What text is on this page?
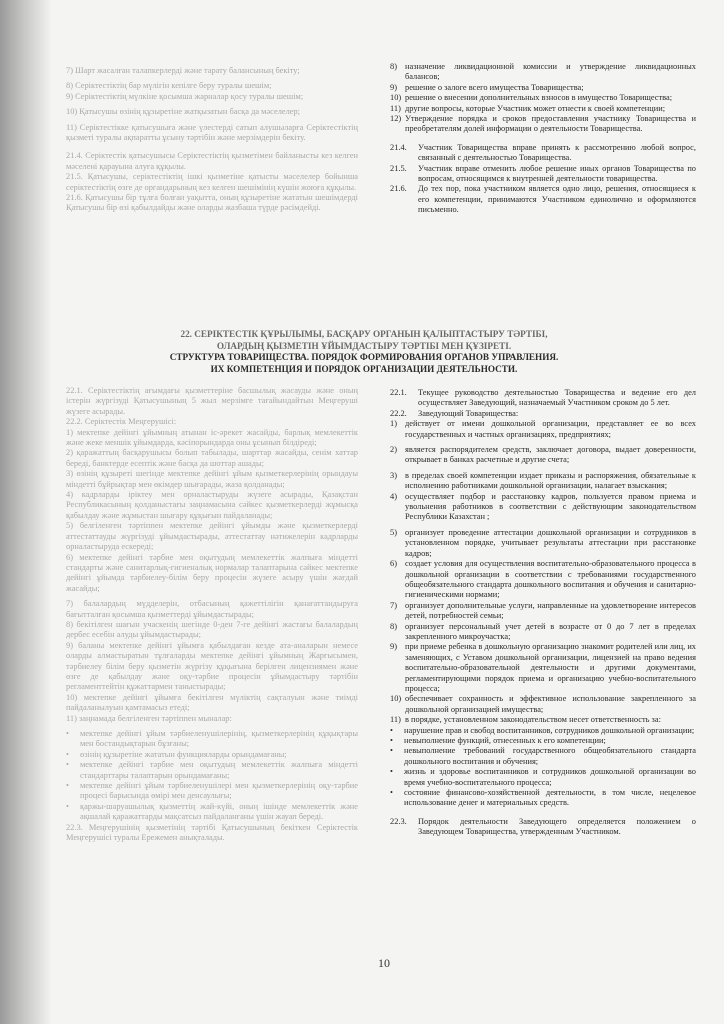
7) Шарт жасалған талапкерлерді және тарату балансының бекіту;

8) Серіктестіктің бар мүлігін кепілге беру туралы шешім;

9) Серіктестіктің мүлкіне қосымша жарналар қосу туралы шешім;

10) Қатысушы өзінің құзыретіне жатқызатын басқа да мәселелер;

11) Серіктестікке қатысушыға және үлестерді сатып алушыларға Серіктестіктің қызметі туралы ақпаратты ұсыну тәртібін және мерзімдерін бекіту.

21.4. Серіктестік қатысушысы Серіктестіктің қызметімен байланысты кез келген мәселені қарауына алуға құқылы.

21.5. Қатысушы, серіктестіктің ішкі қызметіне қатысты мәселелер бойынша серіктестіктің өзге де органдарының кез келген шешімінің күшін жоюға құқылы.

21.6. Қатысушы бір тұлға болған уақытта, оның құзыретіне жататын шешімдерді Қатысушы бір өзі қабылдайды және оларды жазбаша түрде рәсімдейді.

8) назначение ликвидационной комиссии и утверждение ликвидационных балансов;
9) решение о залоге всего имущества Товарищества;
10) решение о внесении дополнительных взносов в имущество Товарищества;
11) другие вопросы, которые Участник может отнести к своей компетенции;
12) Утверждение порядка и сроков предоставления участнику Товарищества и преобретателям долей информации о деятельности Товарищества.
21.4.	Участник Товарищества вправе принять к рассмотрению любой вопрос, связанный с деятельностью Товарищества.
21.5.	Участник вправе отменить любое решение иных органов Товарищества по вопросам, относящимся к внутренней деятельности товарищества.
21.6.	До тех пор, пока участником является одно лицо, решения, относящиеся к его компетенции, принимаются Участником единолично и оформляются письменно.
22. СЕРІКТЕСТІК ҚҰРЫЛЫМЫ, БАСҚАРУ ОРГАНЫН ҚАЛЫПТАСТЫРУ ТӘРТІБІ,
ОЛАРДЫҢ ҚЫЗМЕТІН ҰЙЫМДАСТЫРУ ТӘРТІБІ МЕН ҚҰЗІРЕТІ.
СТРУКТУРА ТОВАРИЩЕСТВА. ПОРЯДОК ФОРМИРОВАНИЯ ОРГАНОВ УПРАВЛЕНИЯ.
ИХ КОМПЕТЕНЦИЯ И ПОРЯДОК ОРГАНИЗАЦИИ ДЕЯТЕЛЬНОСТИ.

22.1. Серіктестіктің ағымдағы қызметтеріне басшылық жасауды және оның істерін жүргізуді Қатысушының 5 жыл мерзімге тағайындайтын Меңгеруші жүзеге асырады.

22.2. Серіктестік Меңгерушісі:

1) мектепке дейінгі ұйымның атынан іс-әрекет жасайды, барлық мемлекеттік және жеке меншік ұйымдарда, кәсіпорындарда оны ұсынып білдіреді;

2) қаражаттың басқарушысы болып табылады, шарттар жасайды, сенім хаттар береді, банктерде есептік және басқа да шоттар ашады;

3) өзінің құзыреті шегінде мектепке дейінгі ұйым қызметкерлерінің орындауы міндетті бұйрықтар мен өкімдер шығарады, жаза қолданады;

4) кадрларды іріктеу мен орналастыруды жүзеге асырады, Қазақстан Республикасының қолданыстағы заңнамасына сәйкес қызметкерлерді жұмысқа қабылдау және жұмыстан шығару құқығын пайдаланады;

5) белгіленген тәртіппен мектепке дейінгі ұйымды және қызметкерлерді аттестаттауды жүргізуді ұйымдастырады, аттестаттау нәтижелерін кадрларды орналастыруда ескереді;

6) мектепке дейінгі тәрбие мен оқытудың мемлекеттік жалпыға міндетті стандарты және санитарлық-гигиеналық нормалар талаптарына сәйкес мектепке дейінгі ұйымда тәрбиелеу-білім беру процесін жүзеге асыру үшін жағдай жасайды;

7) балалардың мүдделерін, отбасының қажеттілігін қанағаттандыруға бағытталған қосымша қызметтерді ұйымдастырады;

8) бекітілген шағын учаскенің шегінде 0-ден 7-ге дейінгі жастағы балалардың дербес есебін алуды ұйымдастырады;

9) баланы мектепке дейінгі ұйымға қабылдаған кезде ата-аналарын немесе оларды алмастыратын тұлғаларды мектепке дейінгі ұйымның Жарғысымен, тәрбиелеу білім беру қызметін жүргізу құқығына берілген лицензиямен және өзге де қабылдау және оқу-тәрбие процесін ұйымдастыру тәртібін регламенттейтін құжаттармен таныстырады;

10) мектепке дейінгі ұйымға бекітілген мүліктің сақталуын және тиімді пайдаланылуын қамтамасыз етеді;

11) заңнамада белгіленген тәртіппен мыналар:

•	мектепке дейінгі ұйым тәрбиеленушілерінің, қызметкерлерінің құқықтары мен бостандықтарын бұзғаны;
•	өзінің құзыретіне жататын функцияларды орындамағаны;
•	мектепке дейінгі тәрбие мен оқытудың мемлекеттік жалпыға міндетті стандарттары талаптарын орындамағаны;
•	мектепке дейінгі ұйым тәрбиеленушілері мен қызметкерлерінің оқу-тәрбие процесі барысында өмірі мен денсаулығы;
•	қаржы-шаруашылық қызметтің жай-күйі, оның ішінде мемлекеттік және ақшалай қаражаттарды мақсатсыз пайдаланғаны үшін жауап береді.

22.3. Меңгерушінің қызметінің тәртібі Қатысушының бекіткен Серіктестік Меңгерушісі туралы Ережемен анықталады.

22.1.	Текущее руководство деятельностью Товарищества и ведение его дел осуществляет Заведующий, назначаемый Участником сроком до 5 лет.
22.2.	Заведующий Товарищества:
1) действует от имени дошкольной организации, представляет ее во всех государственных и частных организациях, предприятиях;
2) является распорядителем средств, заключает договора, выдает доверенности, открывает в банках расчетные и другие счета;
3) в пределах своей компетенции издает приказы и распоряжения, обязательные к исполнению работниками дошкольной организации, налагает взыскания;
4) осуществляет подбор и расстановку кадров, пользуется правом приема и увольнения работников в соответствии с действующим законодательством Республики Казахстан ;
5) организует проведение аттестации дошкольной организации и сотрудников в установленном порядке, учитывает результаты аттестации при расстановке кадров;
6) создает условия для осуществления воспитательно-образовательного процесса в дошкольной организации в соответствии с требованиями государственного общеобязательного стандарта дошкольного воспитания и обучения и санитарно-гигиеническими нормами;
7) организует дополнительные услуги, направленные на удовлетворение интересов детей, потребностей семьи;
8) организует персональный учет детей в возрасте от 0 до 7 лет в пределах закрепленного микроучастка;
9) при приеме ребенка в дошкольную организацию знакомит родителей или лиц, их заменяющих, с Уставом дошкольной организации, лицензией на право ведения воспитательно-образовательной деятельности и другими документами, регламентирующими порядок приема и организацию учебно-воспитательного процесса;
10) обеспечивает сохранность и эффективное использование закрепленного за дошкольной организацией имущества;
11) в порядке, установленном законодательством несет ответственность за:
•	нарушение прав и свобод воспитанников, сотрудников дошкольной организации;
•	невыполнение функций, отнесенных к его компетенции;
•	невыполнение требований государственного общеобязательного стандарта дошкольного воспитания и обучения;
•	жизнь и здоровье воспитанников и сотрудников дошкольной организации во время учебно-воспитательного процесса;
•	состояние финансово-хозяйственной деятельности, в том числе, нецелевое использование денег и материальных средств.
22.3.	Порядок деятельности Заведующего определяется положением о Заведующем Товарищества, утвержденным Участником.
10
